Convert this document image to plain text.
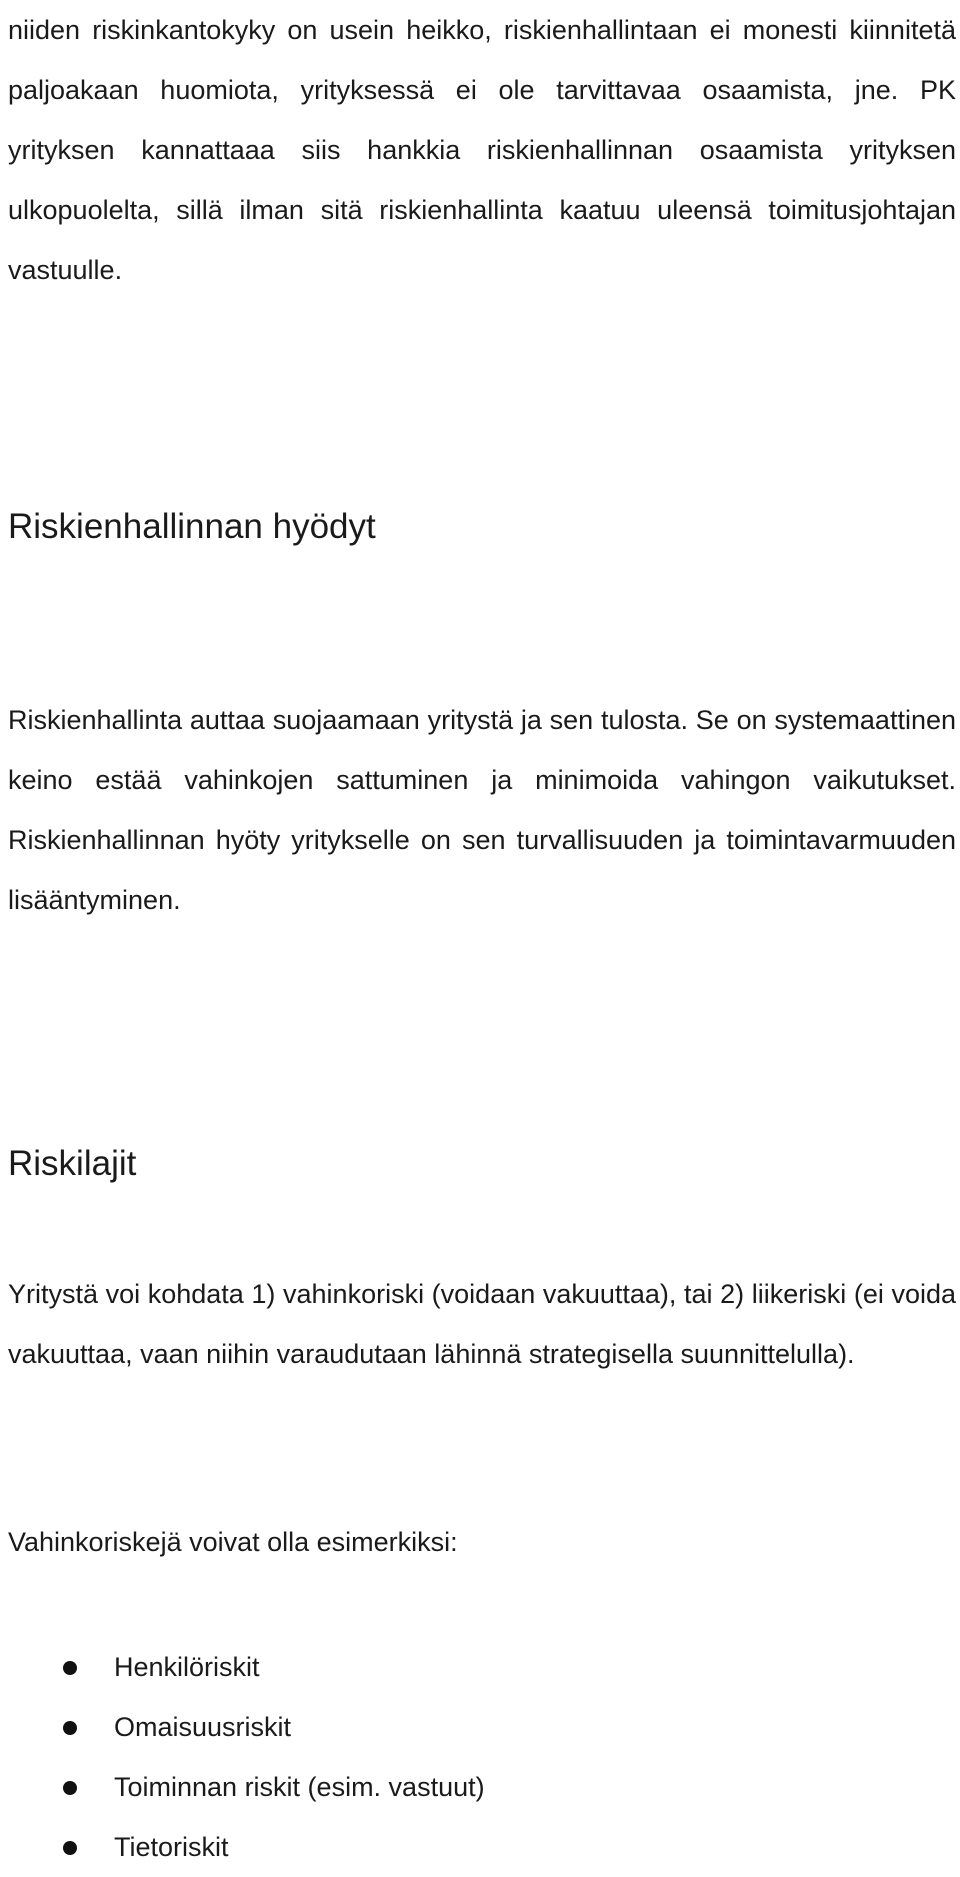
niiden riskinkantokyky on usein heikko, riskienhallintaan ei monesti kiinnitetä paljoakaan huomiota, yrityksessä ei ole tarvittavaa osaamista, jne. PK yrityksen kannattaaa siis hankkia riskienhallinnan osaamista yrityksen ulkopuolelta, sillä ilman sitä riskienhallinta kaatuu uleensä toimitusjohtajan vastuulle.

Riskienhallinnan hyödyt

Riskienhallinta auttaa suojaamaan yritystä ja sen tulosta. Se on systemaattinen keino estää vahinkojen sattuminen ja minimoida vahingon vaikutukset. Riskienhallinnan hyöty yritykselle on sen turvallisuuden ja toimintavarmuuden lisääntyminen.

Riskilajit

Yritystä voi kohdata 1) vahinkoriski (voidaan vakuuttaa), tai 2) liikeriski (ei voida vakuuttaa, vaan niihin varaudutaan lähinnä strategisella suunnittelulla).

Vahinkoriskejä voivat olla esimerkiksi:

Henkilöriskit
Omaisuusriskit
Toiminnan riskit (esim. vastuut)
Tietoriskit
